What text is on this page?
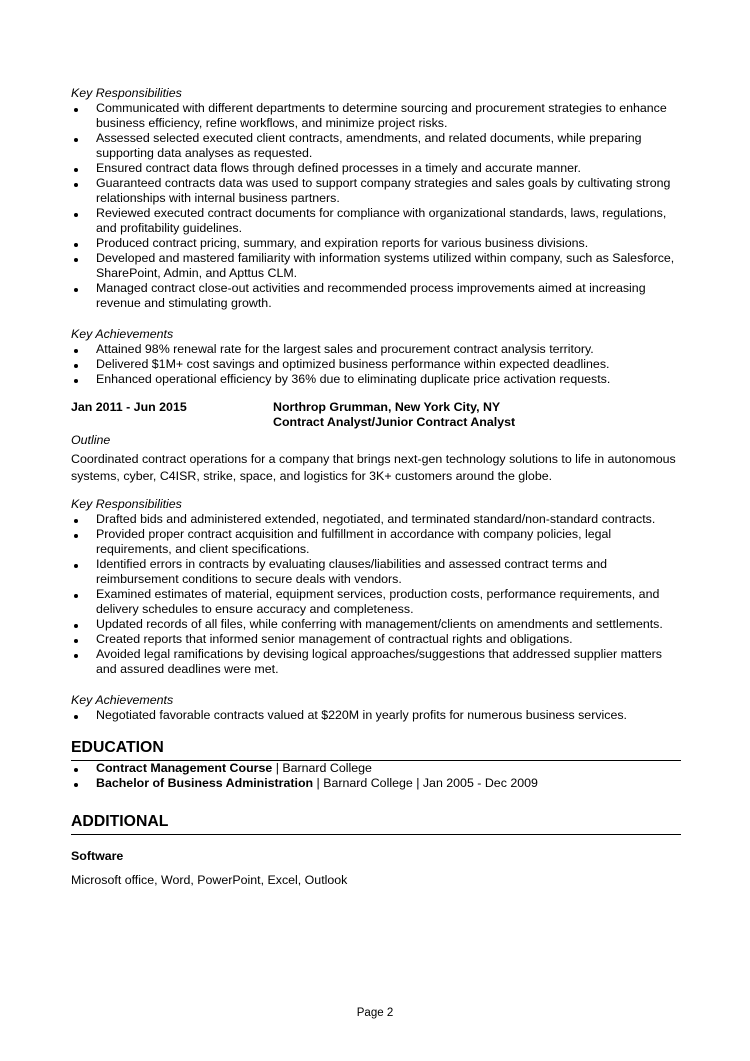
Key Responsibilities

Communicated with different departments to determine sourcing and procurement strategies to enhance business efficiency, refine workflows, and minimize project risks.
Assessed selected executed client contracts, amendments, and related documents, while preparing supporting data analyses as requested.
Ensured contract data flows through defined processes in a timely and accurate manner.
Guaranteed contracts data was used to support company strategies and sales goals by cultivating strong relationships with internal business partners.
Reviewed executed contract documents for compliance with organizational standards, laws, regulations, and profitability guidelines.
Produced contract pricing, summary, and expiration reports for various business divisions.
Developed and mastered familiarity with information systems utilized within company, such as Salesforce, SharePoint, Admin, and Apttus CLM.
Managed contract close-out activities and recommended process improvements aimed at increasing revenue and stimulating growth.

Key Achievements

Attained 98% renewal rate for the largest sales and procurement contract analysis territory.
Delivered $1M+ cost savings and optimized business performance within expected deadlines.
Enhanced operational efficiency by 36% due to eliminating duplicate price activation requests.
Jan 2011 - Jun 2015	Northrop Grumman, New York City, NY
Contract Analyst/Junior Contract Analyst

Outline

Coordinated contract operations for a company that brings next-gen technology solutions to life in autonomous systems, cyber, C4ISR, strike, space, and logistics for 3K+ customers around the globe.

Key Responsibilities

Drafted bids and administered extended, negotiated, and terminated standard/non-standard contracts.
Provided proper contract acquisition and fulfillment in accordance with company policies, legal requirements, and client specifications.
Identified errors in contracts by evaluating clauses/liabilities and assessed contract terms and reimbursement conditions to secure deals with vendors.
Examined estimates of material, equipment services, production costs, performance requirements, and delivery schedules to ensure accuracy and completeness.
Updated records of all files, while conferring with management/clients on amendments and settlements.
Created reports that informed senior management of contractual rights and obligations.
Avoided legal ramifications by devising logical approaches/suggestions that addressed supplier matters and assured deadlines were met.

Key Achievements

Negotiated favorable contracts valued at $220M in yearly profits for numerous business services.
EDUCATION
Contract Management Course | Barnard College
Bachelor of Business Administration | Barnard College | Jan 2005 - Dec 2009
ADDITIONAL
Software
Microsoft office, Word, PowerPoint, Excel, Outlook
Page 2
